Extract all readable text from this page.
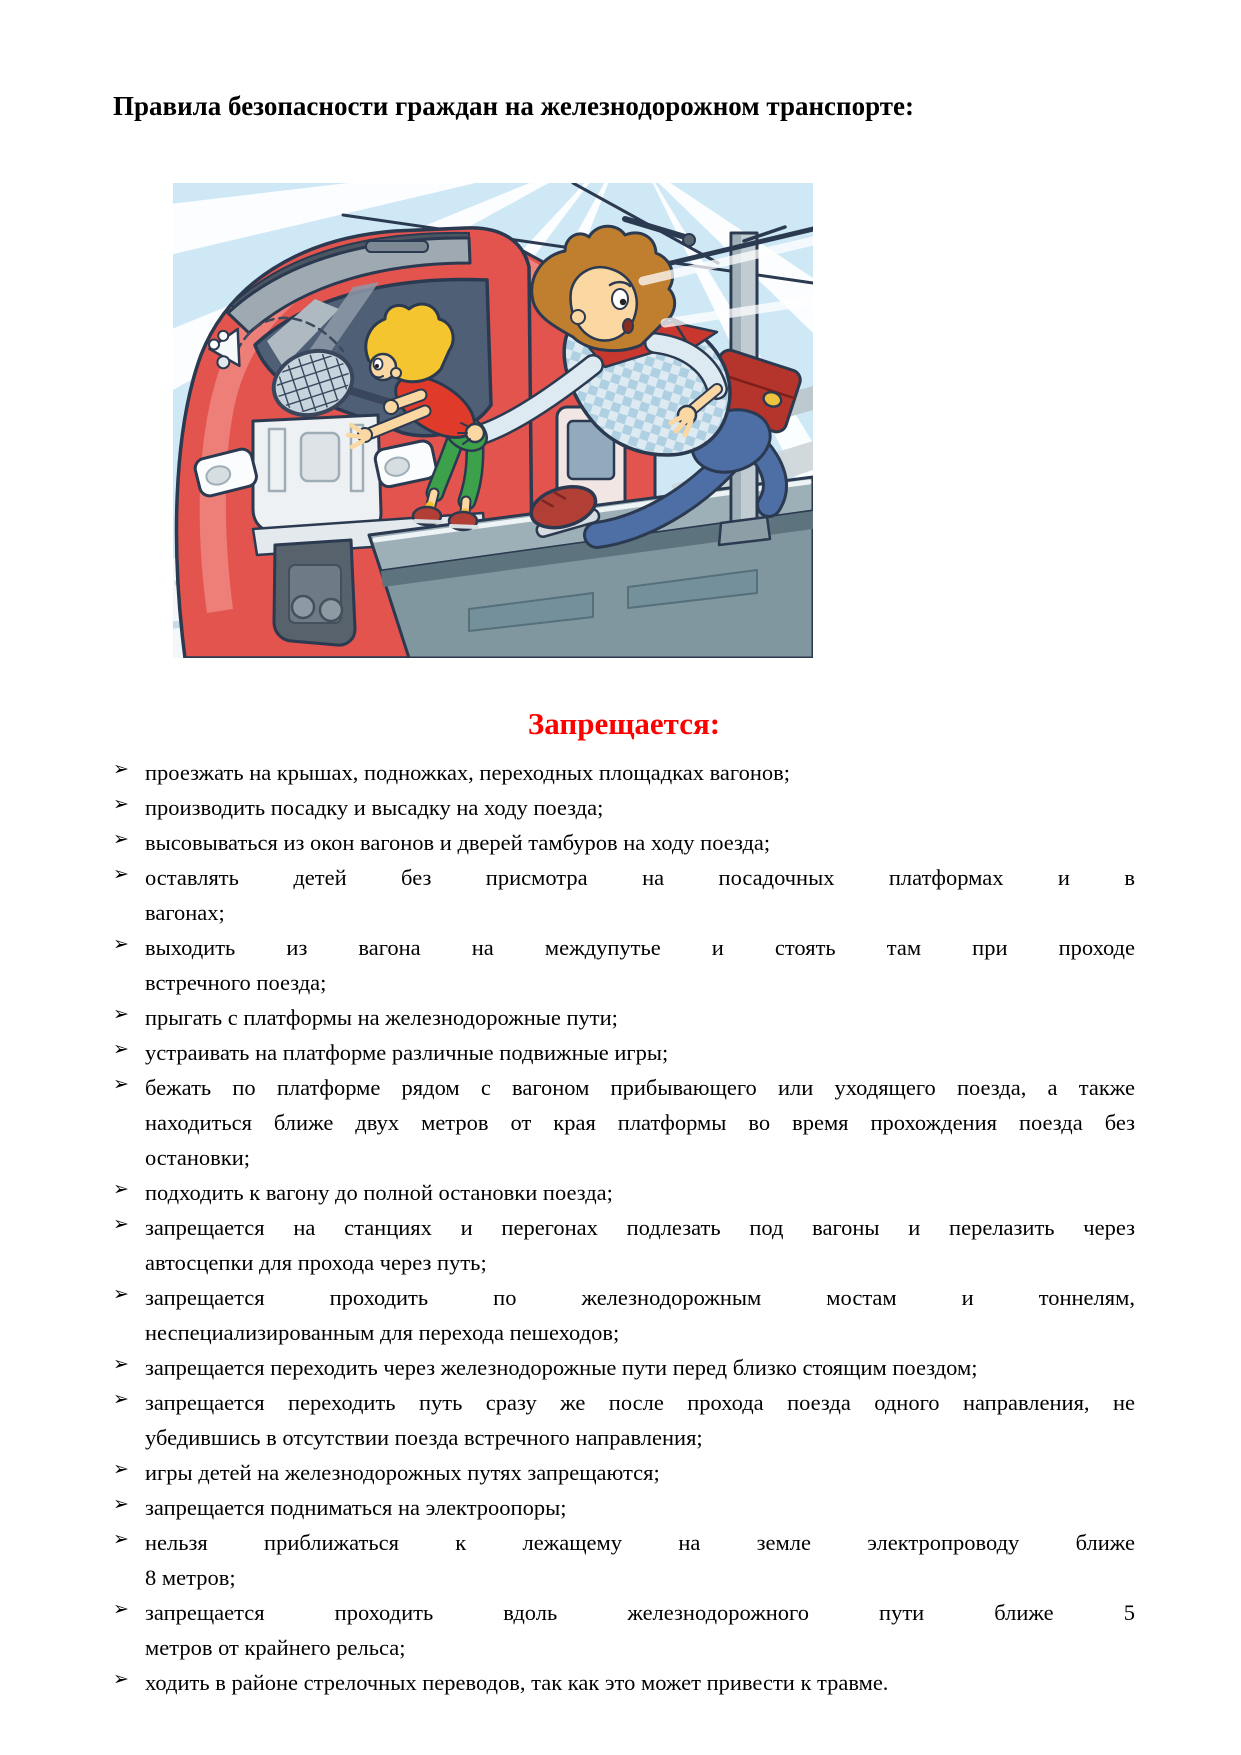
Правила безопасности граждан на железнодорожном транспорте:
Запрещается:
➢ проезжать на крышах, подножках, переходных площадках вагонов;
➢ производить посадку и высадку на ходу поезда;
➢ высовываться из окон вагонов и дверей тамбуров на ходу поезда;
➢ оставлять детей без присмотра на посадочных платформах и в
вагонах;
➢ выходить из вагона на междупутье и стоять там при проходе
встречного поезда;
➢ прыгать с платформы на железнодорожные пути;
➢ устраивать на платформе различные подвижные игры;
➢ бежать по платформе рядом с вагоном прибывающего или уходящего поезда, а также
находиться ближе двух метров от края платформы во время прохождения поезда без
остановки;
➢ подходить к вагону до полной остановки поезда;
➢ запрещается на станциях и перегонах подлезать под вагоны и перелазить через
автосцепки для прохода через путь;
➢ запрещается проходить по железнодорожным мостам и тоннелям,
неспециализированным для перехода пешеходов;
➢ запрещается переходить через железнодорожные пути перед близко стоящим поездом;
➢ запрещается переходить путь сразу же после прохода поезда одного направления, не
убедившись в отсутствии поезда встречного направления;
➢ игры детей на железнодорожных путях запрещаются;
➢ запрещается подниматься на электроопоры;
➢ нельзя приближаться к лежащему на земле электропроводу ближе
8 метров;
➢ запрещается проходить вдоль железнодорожного пути ближе 5
метров от крайнего рельса;
➢ ходить в районе стрелочных переводов, так как это может привести к травме.
